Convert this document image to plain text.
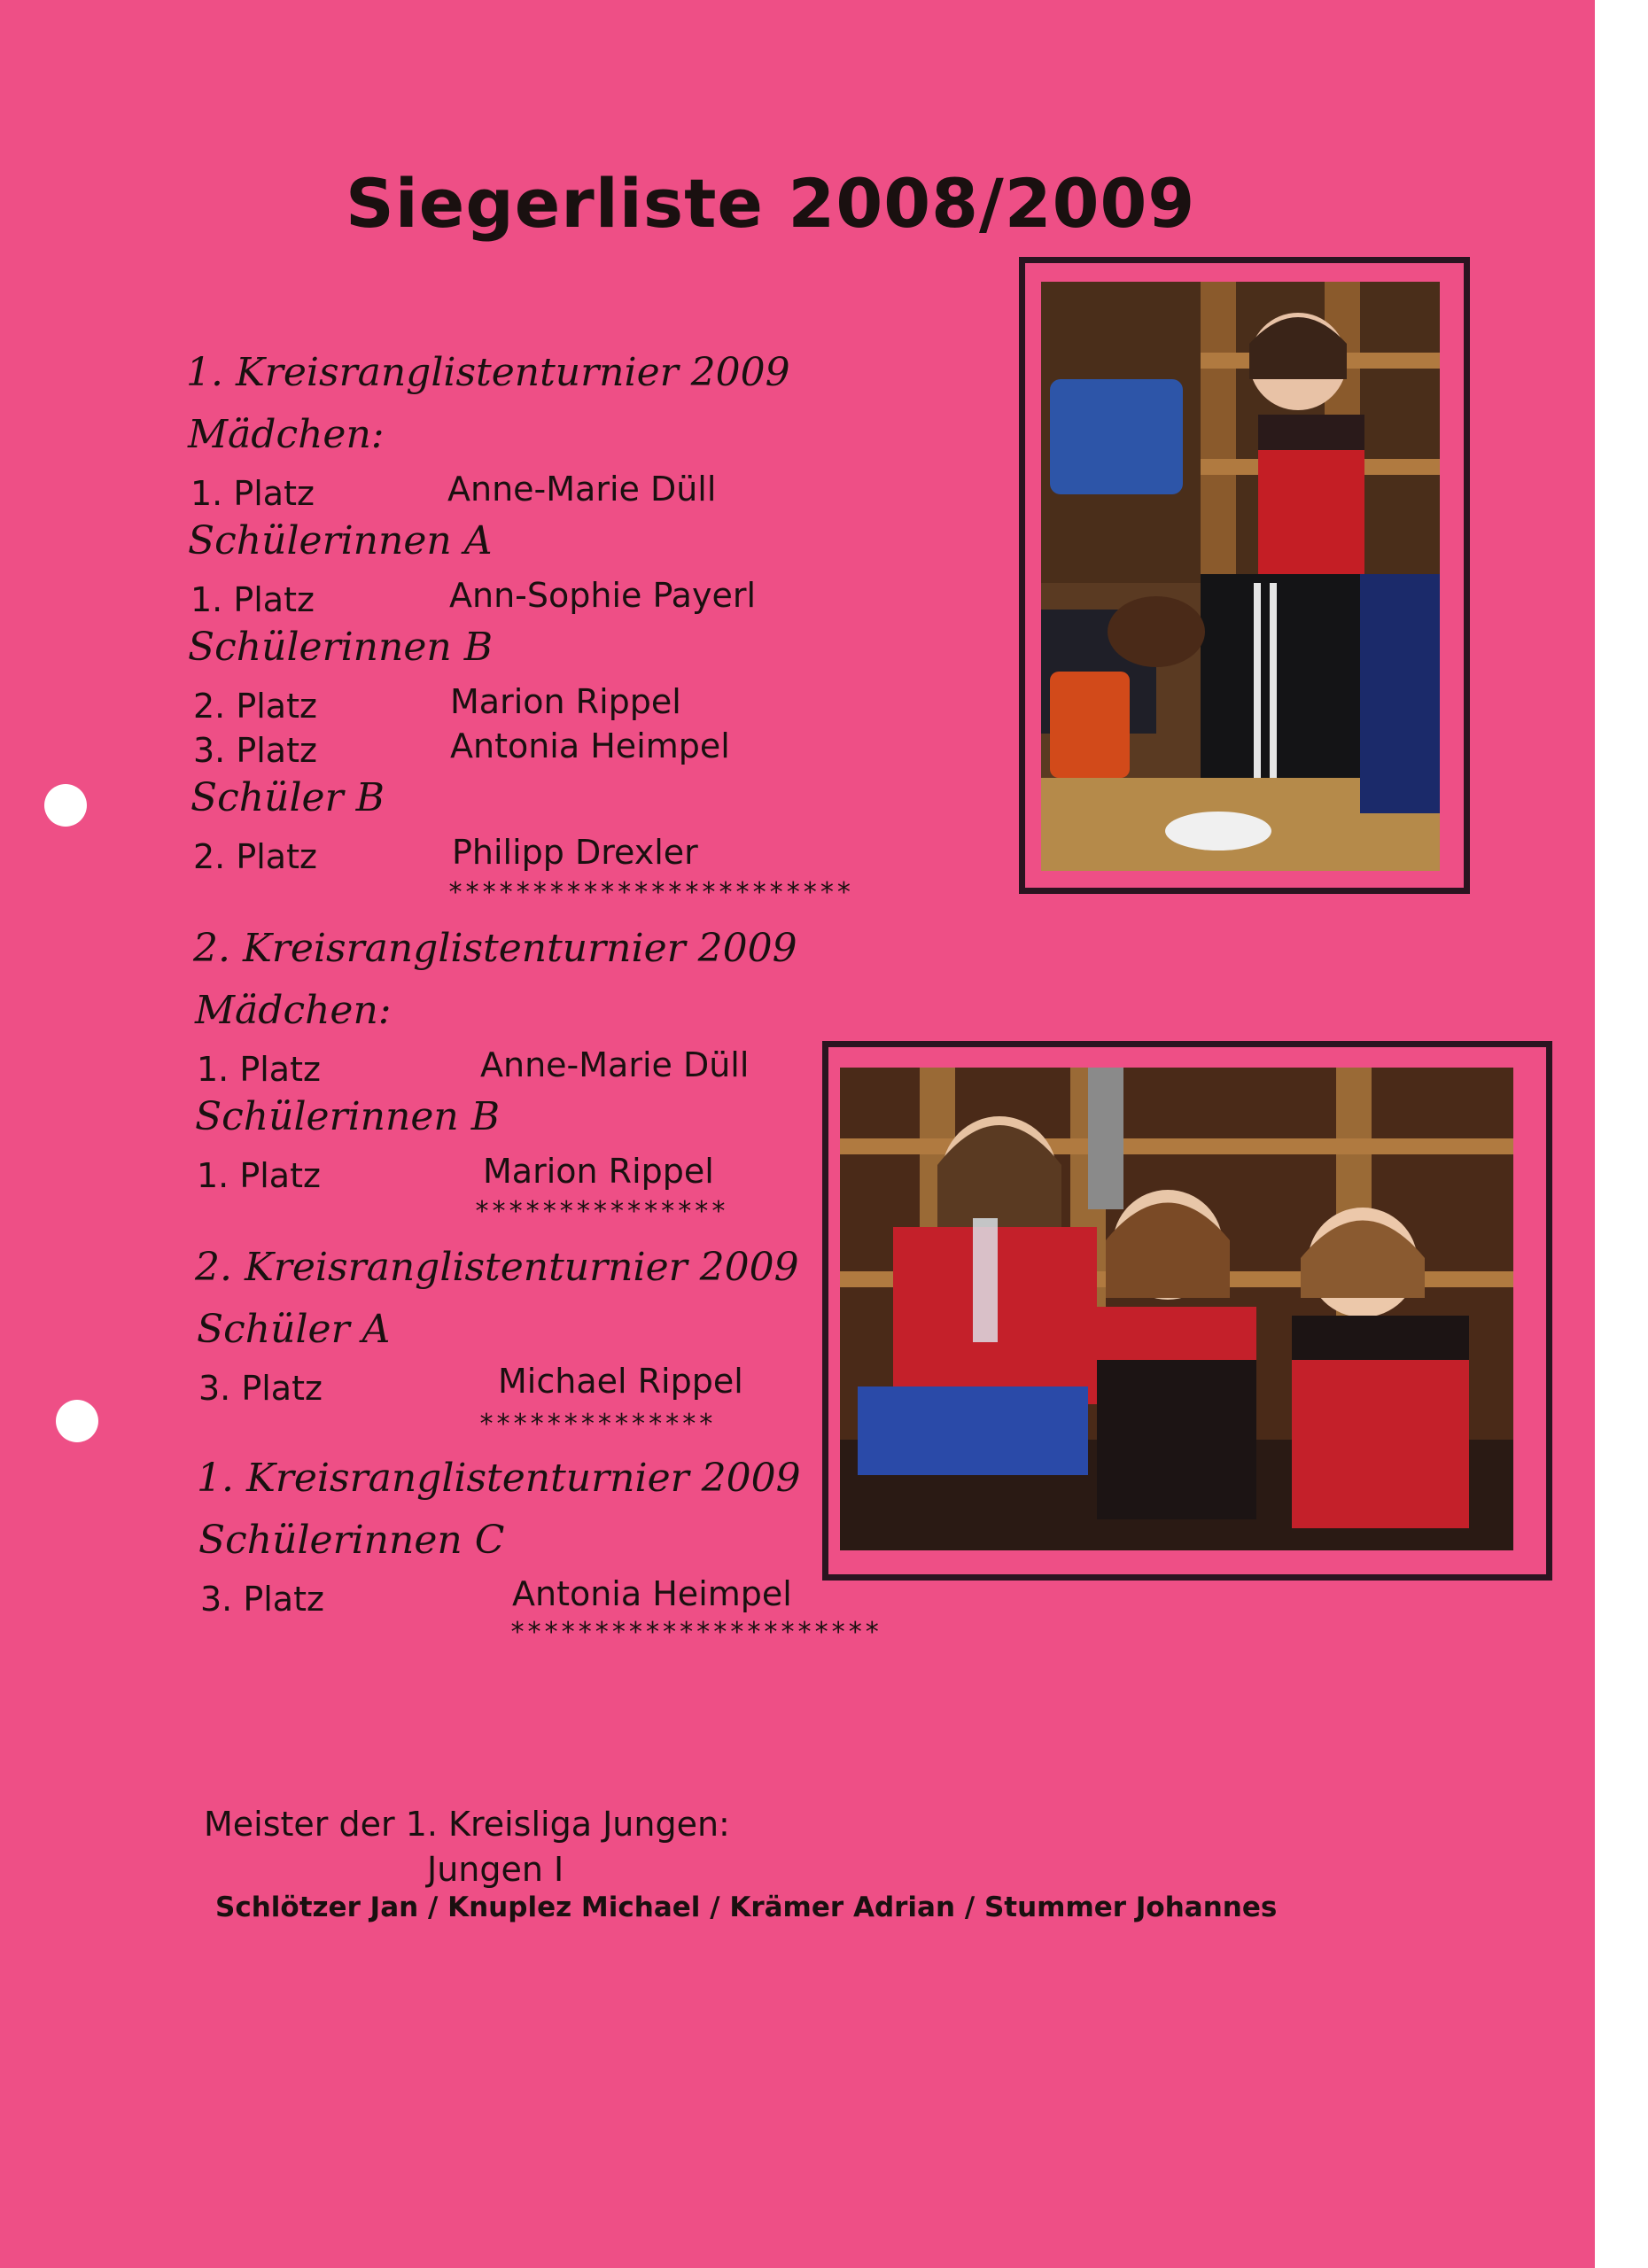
Siegerliste 2008/2009
1. Kreisranglistenturnier 2009
Mädchen:
1. Platz	Anne-Marie Düll
Schülerinnen A
1. Platz	Ann-Sophie Payerl
Schülerinnen B
2. Platz	Marion Rippel
3. Platz	Antonia Heimpel
Schüler B
2. Platz	Philipp Drexler
************************
2. Kreisranglistenturnier 2009
Mädchen:
1. Platz	Anne-Marie Düll
Schülerinnen B
1. Platz	Marion Rippel
***************
2. Kreisranglistenturnier 2009
Schüler A
3. Platz	Michael Rippel
**************
1. Kreisranglistenturnier 2009
Schülerinnen C
3. Platz	Antonia Heimpel
**********************
Meister der 1. Kreisliga Jungen:
Jungen I
Schlötzer Jan / Knuplez Michael / Krämer Adrian / Stummer Johannes
